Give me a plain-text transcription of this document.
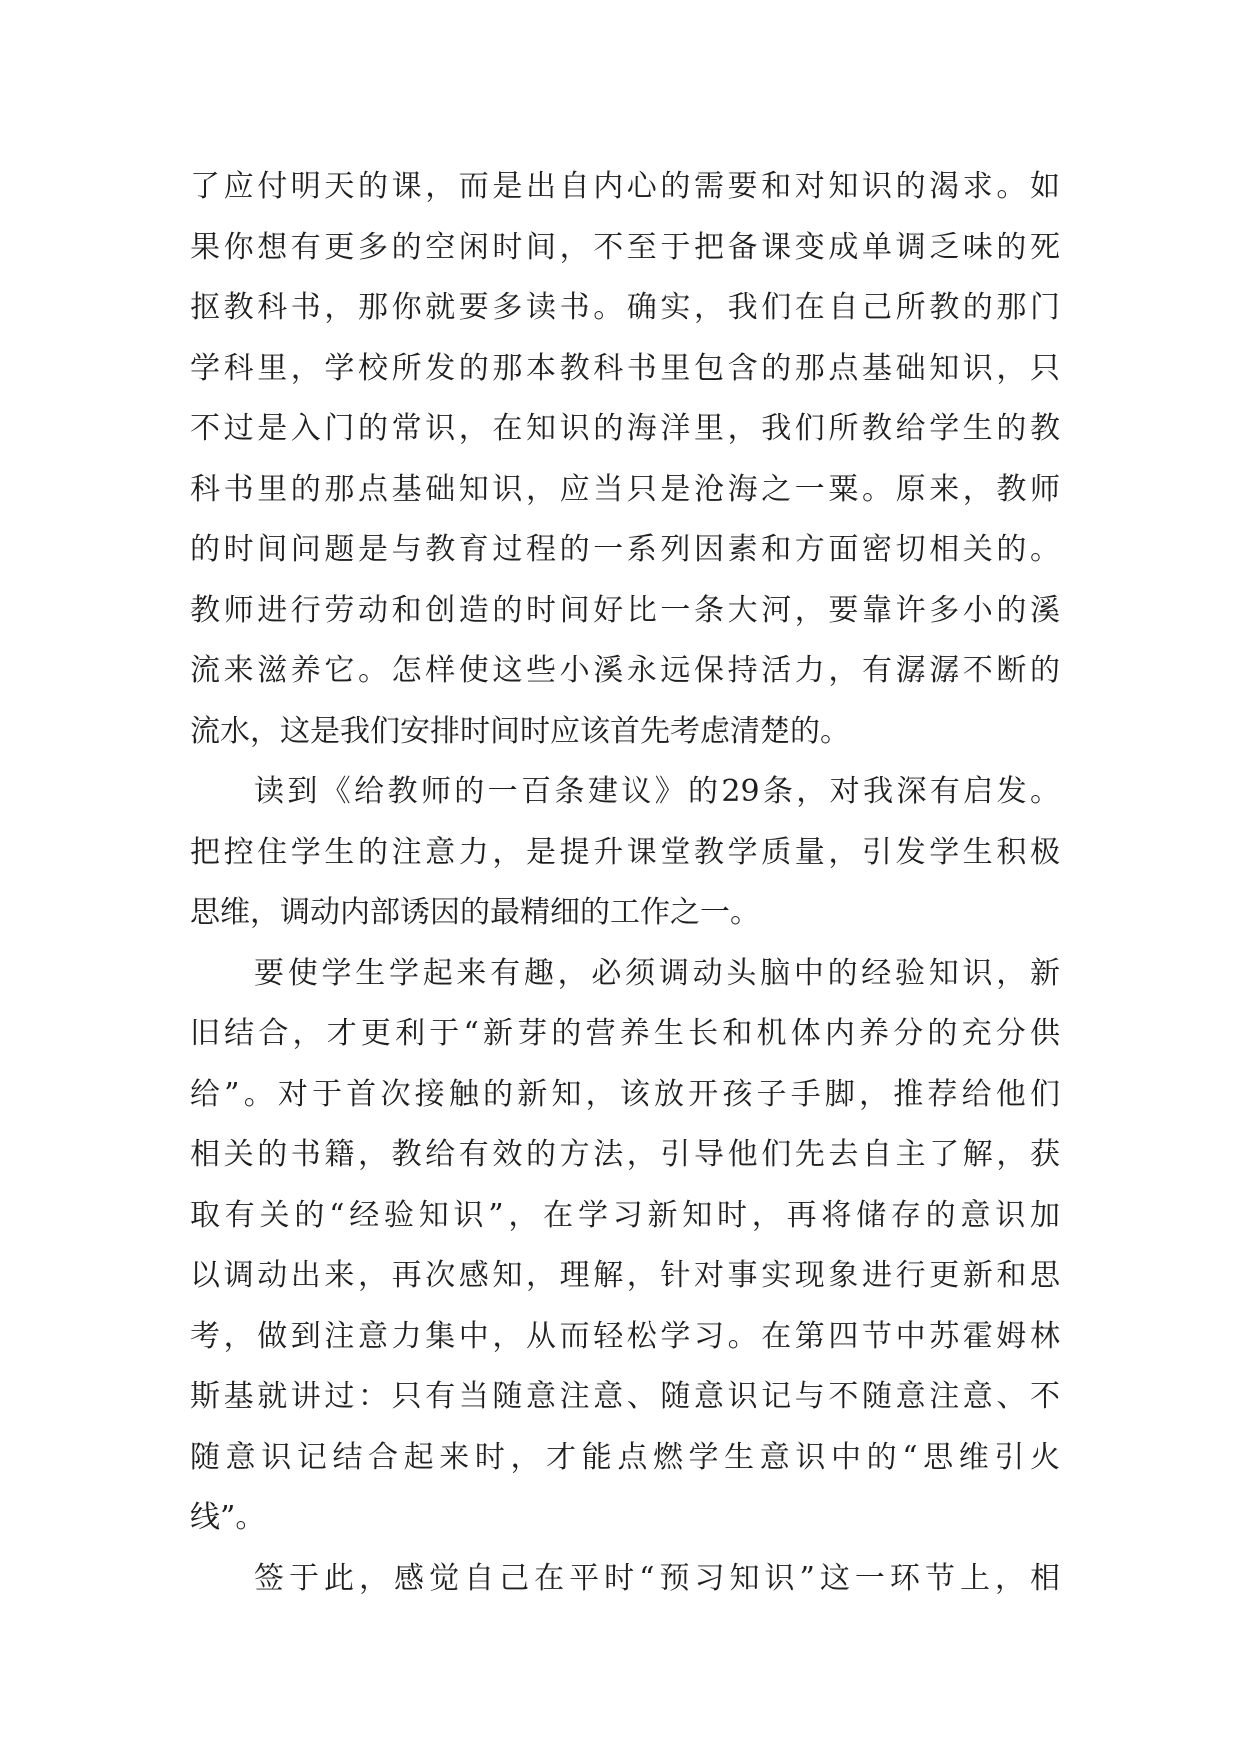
了应付明天的课，而是出自内心的需要和对知识的渴求。如
果你想有更多的空闲时间，不至于把备课变成单调乏味的死
抠教科书，那你就要多读书。确实，我们在自己所教的那门
学科里，学校所发的那本教科书里包含的那点基础知识，只
不过是入门的常识，在知识的海洋里，我们所教给学生的教
科书里的那点基础知识，应当只是沧海之一粟。原来，教师
的时间问题是与教育过程的一系列因素和方面密切相关的。
教师进行劳动和创造的时间好比一条大河，要靠许多小的溪
流来滋养它。怎样使这些小溪永远保持活力，有潺潺不断的
流水，这是我们安排时间时应该首先考虑清楚的。
读到《给教师的一百条建议》的29条，对我深有启发。
把控住学生的注意力，是提升课堂教学质量，引发学生积极
思维，调动内部诱因的最精细的工作之一。
要使学生学起来有趣，必须调动头脑中的经验知识，新
旧结合，才更利于“新芽的营养生长和机体内养分的充分供
给”。对于首次接触的新知，该放开孩子手脚，推荐给他们
相关的书籍，教给有效的方法，引导他们先去自主了解，获
取有关的“经验知识”，在学习新知时，再将储存的意识加
以调动出来，再次感知，理解，针对事实现象进行更新和思
考，做到注意力集中，从而轻松学习。在第四节中苏霍姆林
斯基就讲过：只有当随意注意、随意识记与不随意注意、不
随意识记结合起来时，才能点燃学生意识中的“思维引火
线”。
签于此，感觉自己在平时“预习知识”这一环节上，相
